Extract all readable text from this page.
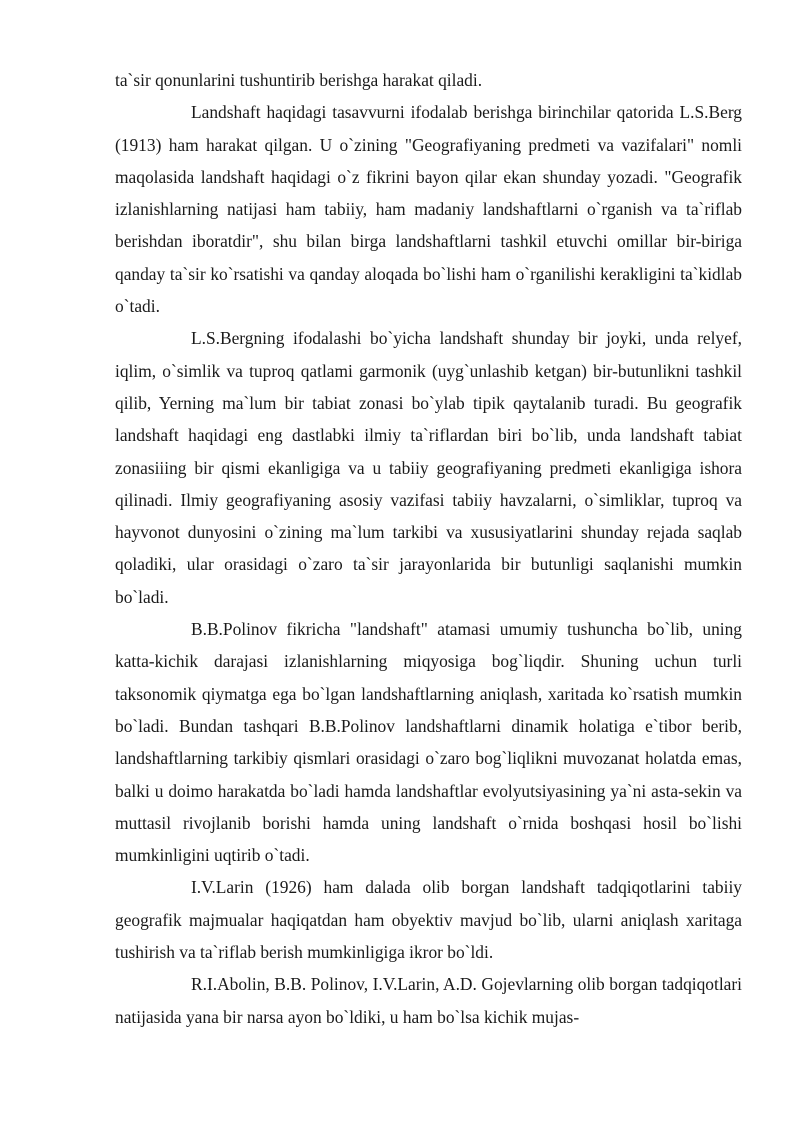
ta`sir qonunlarini tushuntirib berishga harakat qiladi.

Landshaft haqidagi tasavvurni ifodalab berishga birinchilar qatorida L.S.Berg (1913) ham harakat qilgan. U o`zining "Geografiyaning predmeti va vazifalari" nomli maqolasida landshaft haqidagi o`z fikrini bayon qilar ekan shunday yozadi. "Geografik izlanishlarning natijasi ham tabiiy, ham madaniy landshaftlarni o`rganish va ta`riflab berishdan iboratdir", shu bilan birga landshaftlarni tashkil etuvchi omillar bir-biriga qanday ta`sir ko`rsatishi va qanday aloqada bo`lishi ham o`rganilishi kerakligini ta`kidlab o`tadi.

L.S.Bergning ifodalashi bo`yicha landshaft shunday bir joyki, unda relyef, iqlim, o`simlik va tuproq qatlami garmonik (uyg`unlashib ketgan) bir-butunlikni tashkil qilib, Yerning ma`lum bir tabiat zonasi bo`ylab tipik qaytalanib turadi. Bu geografik landshaft haqidagi eng dastlabki ilmiy ta`riflardan biri bo`lib, unda landshaft tabiat zonasiiing bir qismi ekanligiga va u tabiiy geografiyaning predmeti ekanligiga ishora qilinadi. Ilmiy geografiyaning asosiy vazifasi tabiiy havzalarni, o`simliklar, tuproq va hayvonot dunyosini o`zining ma`lum tarkibi va xususiyatlarini shunday rejada saqlab qoladiki, ular orasidagi o`zaro ta`sir jarayonlarida bir butunligi saqlanishi mumkin bo`ladi.

B.B.Polinov fikricha "landshaft" atamasi umumiy tushuncha bo`lib, uning katta-kichik darajasi izlanishlarning miqyosiga bog`liqdir. Shuning uchun turli taksonomik qiymatga ega bo`lgan landshaftlarning aniqlash, xaritada ko`rsatish mumkin bo`ladi. Bundan tashqari B.B.Polinov landshaftlarni dinamik holatiga e`tibor berib, landshaftlarning tarkibiy qismlari orasidagi o`zaro bog`liqlikni muvozanat holatda emas, balki u doimo harakatda bo`ladi hamda landshaftlar evolyutsiyasining ya`ni asta-sekin va muttasil rivojlanib borishi hamda uning landshaft o`rnida boshqasi hosil bo`lishi mumkinligini uqtirib o`tadi.

I.V.Larin (1926) ham dalada olib borgan landshaft tadqiqotlarini tabiiy geografik majmualar haqiqatdan ham obyektiv mavjud bo`lib, ularni aniqlash xaritaga tushirish va ta`riflab berish mumkinligiga ikror bo`ldi.

R.I.Abolin, B.B. Polinov, I.V.Larin, A.D. Gojevlarning olib borgan tadqiqotlari natijasida yana bir narsa ayon bo`ldiki, u ham bo`lsa kichik mujas-
